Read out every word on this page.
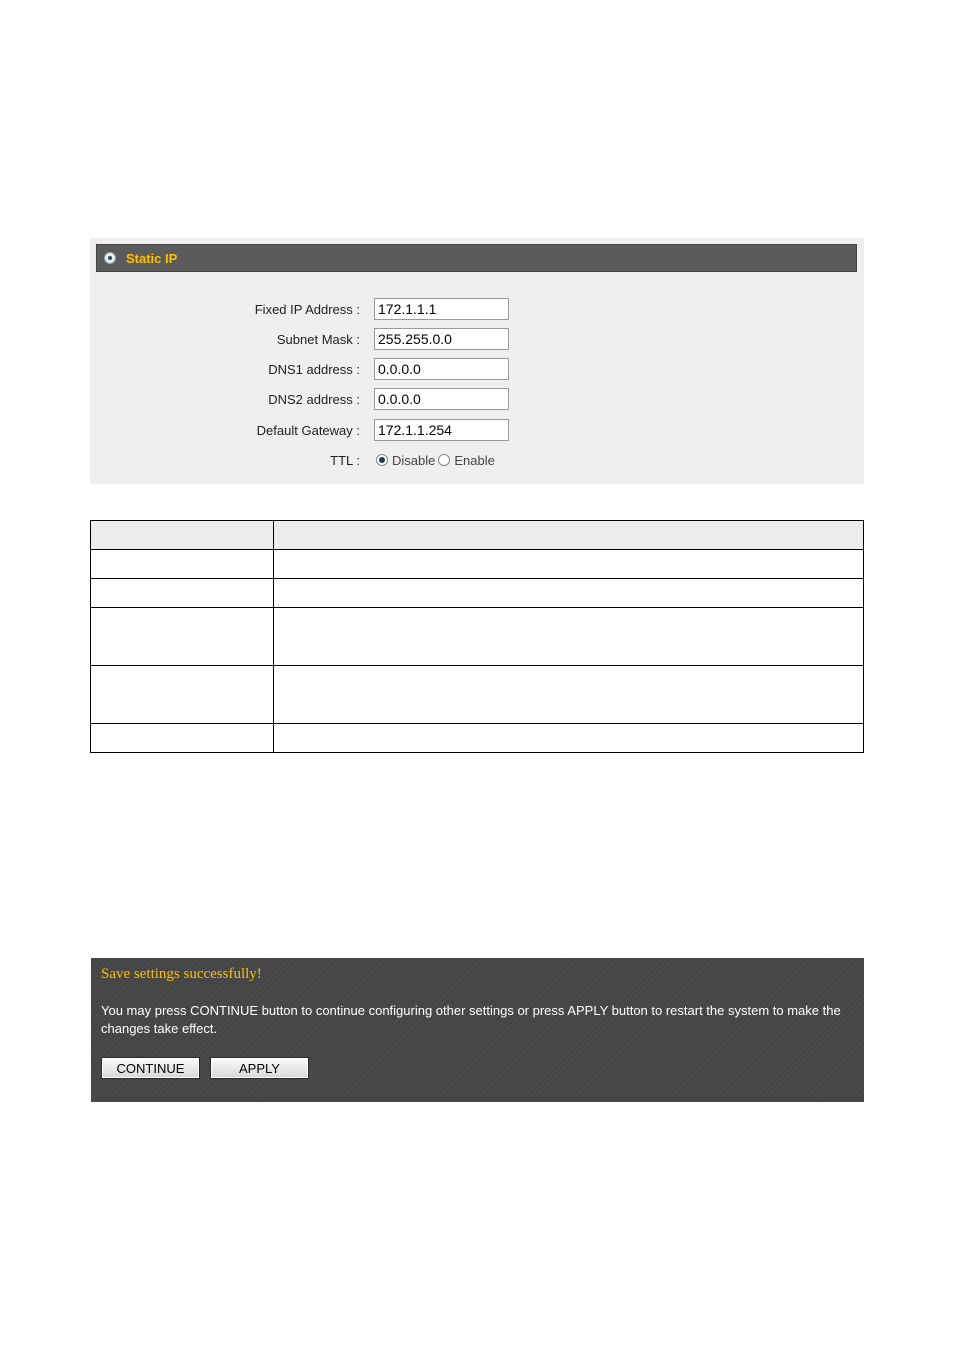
Static IP
Fixed IP Address :
172.1.1.1
Subnet Mask :
255.255.0.0
DNS1 address :
0.0.0.0
DNS2 address :
0.0.0.0
Default Gateway :
172.1.1.254
TTL :	Disable Enable

Save settings successfully!
You may press CONTINUE button to continue configuring other settings or press APPLY button to restart the system to make the changes take effect.
CONTINUE	APPLY
